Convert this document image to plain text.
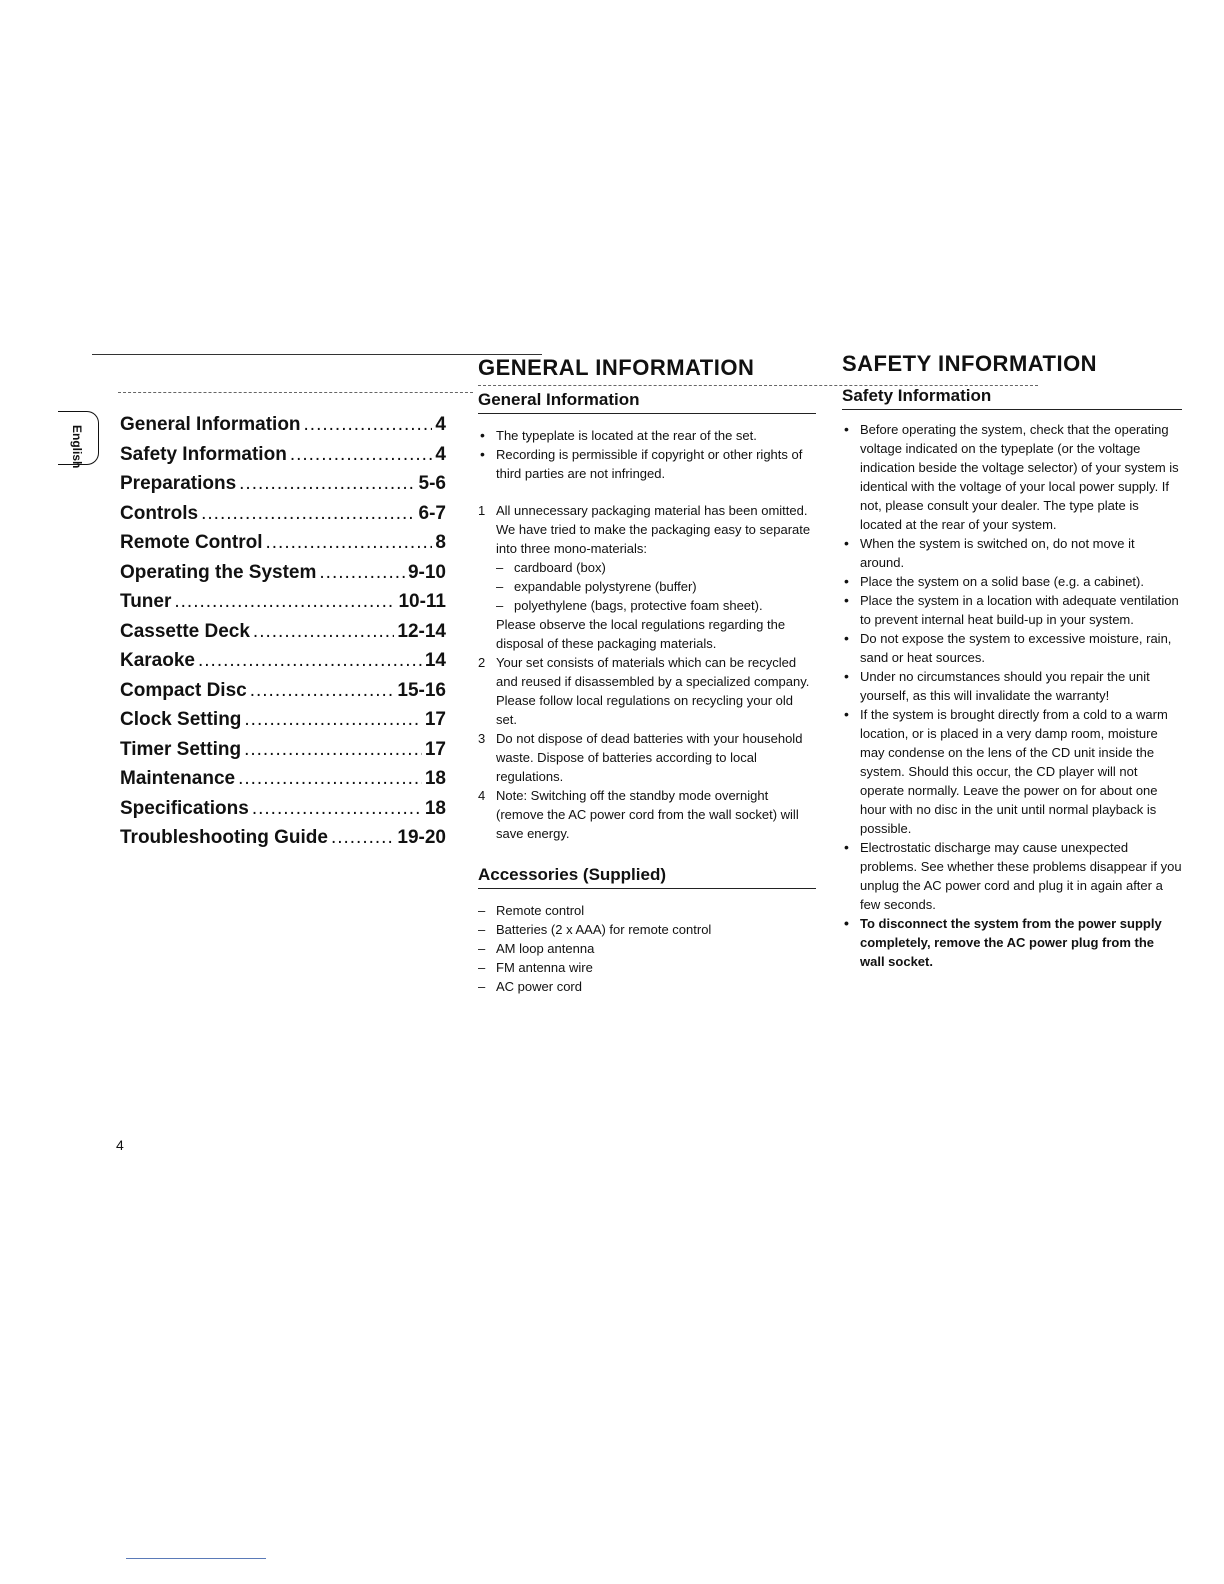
English
General Information .....	4
Safety Information .....	4
Preparations .....	5-6
Controls .....	6-7
Remote Control .....	8
Operating the System .....	9-10
Tuner .....	10-11
Cassette Deck .....	12-14
Karaoke .....	14
Compact Disc .....	15-16
Clock Setting .....	17
Timer Setting .....	17
Maintenance .....	18
Specifications .....	18
Troubleshooting Guide .....	19-20
GENERAL INFORMATION
General Information
• The typeplate is located at the rear of the set.
• Recording is permissible if copyright or other rights of third parties are not infringed.
1 All unnecessary packaging material has been omitted. We have tried to make the packaging easy to separate into three mono-materials:
– cardboard (box)
– expandable polystyrene (buffer)
– polyethylene (bags, protective foam sheet).
Please observe the local regulations regarding the disposal of these packaging materials.
2 Your set consists of materials which can be recycled and reused if disassembled by a specialized company. Please follow local regulations on recycling your old set.
3 Do not dispose of dead batteries with your household waste. Dispose of batteries according to local regulations.
4 Note: Switching off the standby mode overnight (remove the AC power cord from the wall socket) will save energy.
Accessories (Supplied)
– Remote control
– Batteries (2 x AAA) for remote control
– AM loop antenna
– FM antenna wire
– AC power cord
SAFETY INFORMATION
Safety Information
• Before operating the system, check that the operating voltage indicated on the typeplate (or the voltage indication beside the voltage selector) of your system is identical with the voltage of your local power supply. If not, please consult your dealer. The type plate is located at the rear of your system.
• When the system is switched on, do not move it around.
• Place the system on a solid base (e.g. a cabinet).
• Place the system in a location with adequate ventilation to prevent internal heat build-up in your system.
• Do not expose the system to excessive moisture, rain, sand or heat sources.
• Under no circumstances should you repair the unit yourself, as this will invalidate the warranty!
• If the system is brought directly from a cold to a warm location, or is placed in a very damp room, moisture may condense on the lens of the CD unit inside the system. Should this occur, the CD player will not operate normally. Leave the power on for about one hour with no disc in the unit until normal playback is possible.
• Electrostatic discharge may cause unexpected problems. See whether these problems disappear if you unplug the AC power cord and plug it in again after a few seconds.
• To disconnect the system from the power supply completely, remove the AC power plug from the wall socket.
4
